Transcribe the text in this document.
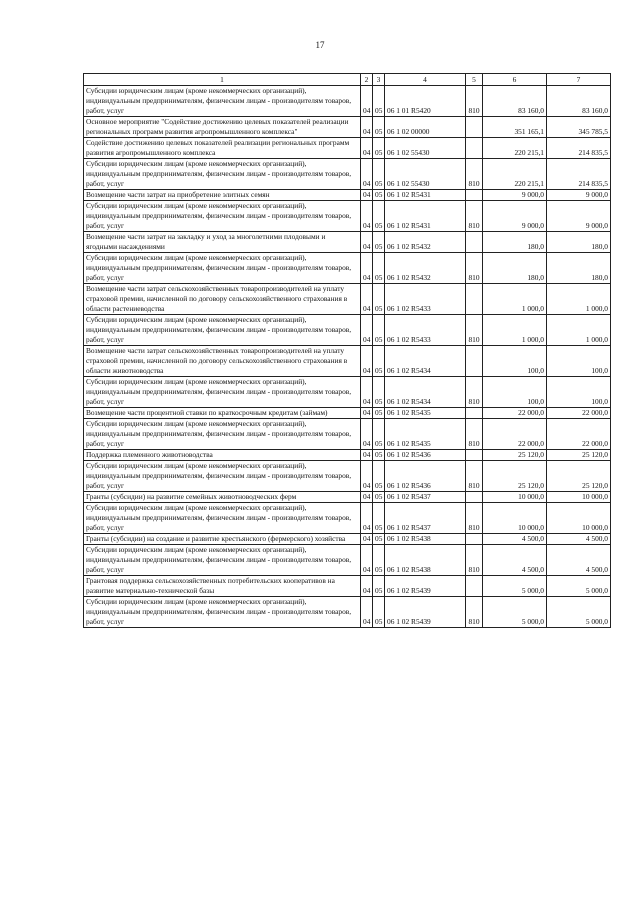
17
1	2	3	4	5	6	7
Субсидии юридическим лицам (кроме некоммерческих организаций), индивидуальным предпринимателям, физическим лицам - производителям товаров, работ, услуг	04	05	06 1 01 R5420	810	83 160,0	83 160,0
Основное мероприятие "Содействие достижению целевых показателей реализации региональных программ развития агропромышленного комплекса"	04	05	06 1 02 00000		351 165,1	345 785,5
Содействие достижению целевых показателей реализации региональных программ развития агропромышленного комплекса	04	05	06 1 02 55430		220 215,1	214 835,5
Субсидии юридическим лицам (кроме некоммерческих организаций), индивидуальным предпринимателям, физическим лицам - производителям товаров, работ, услуг	04	05	06 1 02 55430	810	220 215,1	214 835,5
Возмещение части затрат на приобретение элитных семян	04	05	06 1 02 R5431		9 000,0	9 000,0
Субсидии юридическим лицам (кроме некоммерческих организаций), индивидуальным предпринимателям, физическим лицам - производителям товаров, работ, услуг	04	05	06 1 02 R5431	810	9 000,0	9 000,0
Возмещение части затрат на закладку и уход за многолетними плодовыми и ягодными насаждениями	04	05	06 1 02 R5432		180,0	180,0
Субсидии юридическим лицам (кроме некоммерческих организаций), индивидуальным предпринимателям, физическим лицам - производителям товаров, работ, услуг	04	05	06 1 02 R5432	810	180,0	180,0
Возмещение части затрат сельскохозяйственных товаропроизводителей на уплату страховой премии, начисленной по договору сельскохозяйственного страхования в области растениеводства	04	05	06 1 02 R5433		1 000,0	1 000,0
Субсидии юридическим лицам (кроме некоммерческих организаций), индивидуальным предпринимателям, физическим лицам - производителям товаров, работ, услуг	04	05	06 1 02 R5433	810	1 000,0	1 000,0
Возмещение части затрат сельскохозяйственных товаропроизводителей на уплату страховой премии, начисленной по договору сельскохозяйственного страхования в области животноводства	04	05	06 1 02 R5434		100,0	100,0
Субсидии юридическим лицам (кроме некоммерческих организаций), индивидуальным предпринимателям, физическим лицам - производителям товаров, работ, услуг	04	05	06 1 02 R5434	810	100,0	100,0
Возмещение части процентной ставки по краткосрочным кредитам (займам)	04	05	06 1 02 R5435		22 000,0	22 000,0
Субсидии юридическим лицам (кроме некоммерческих организаций), индивидуальным предпринимателям, физическим лицам - производителям товаров, работ, услуг	04	05	06 1 02 R5435	810	22 000,0	22 000,0
Поддержка племенного животноводства	04	05	06 1 02 R5436		25 120,0	25 120,0
Субсидии юридическим лицам (кроме некоммерческих организаций), индивидуальным предпринимателям, физическим лицам - производителям товаров, работ, услуг	04	05	06 1 02 R5436	810	25 120,0	25 120,0
Гранты (субсидии) на развитие семейных животноводческих ферм	04	05	06 1 02 R5437		10 000,0	10 000,0
Субсидии юридическим лицам (кроме некоммерческих организаций), индивидуальным предпринимателям, физическим лицам - производителям товаров, работ, услуг	04	05	06 1 02 R5437	810	10 000,0	10 000,0
Гранты (субсидии) на создание и развитие крестьянского (фермерского) хозяйства	04	05	06 1 02 R5438		4 500,0	4 500,0
Субсидии юридическим лицам (кроме некоммерческих организаций), индивидуальным предпринимателям, физическим лицам - производителям товаров, работ, услуг	04	05	06 1 02 R5438	810	4 500,0	4 500,0
Грантовая поддержка сельскохозяйственных потребительских кооперативов на развитие материально-технической базы	04	05	06 1 02 R5439		5 000,0	5 000,0
Субсидии юридическим лицам (кроме некоммерческих организаций), индивидуальным предпринимателям, физическим лицам - производителям товаров, работ, услуг	04	05	06 1 02 R5439	810	5 000,0	5 000,0
